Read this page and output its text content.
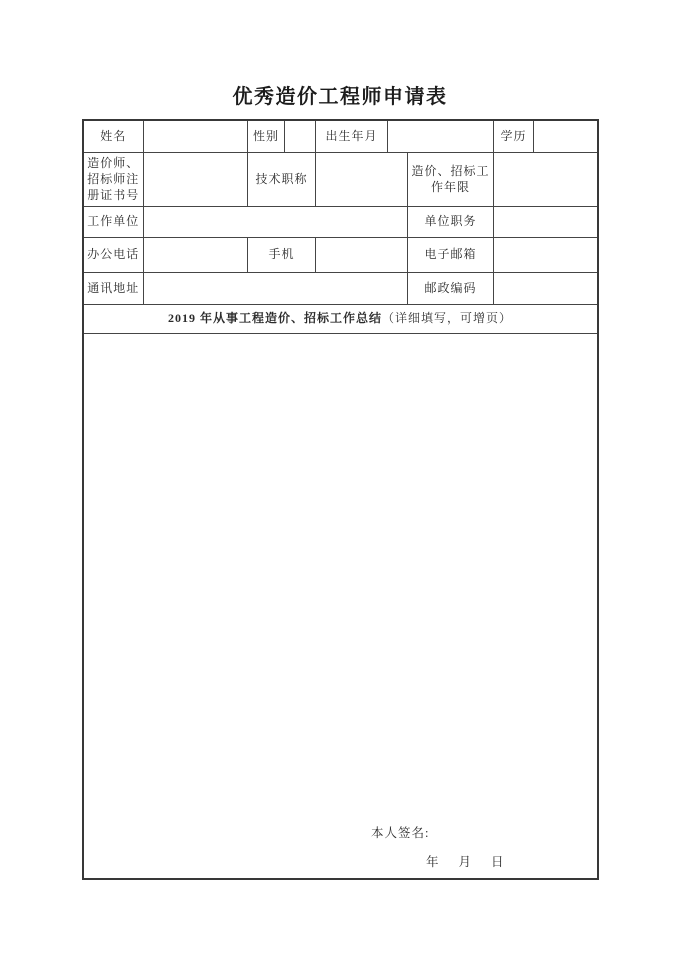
优秀造价工程师申请表
姓名		性别		出生年月			学历	
造价师、招标师注册证书号		技术职称				造价、招标工作年限		
工作单位						单位职务		
办公电话		手机				电子邮箱		
通讯地址						邮政编码		
2019 年从事工程造价、招标工作总结（详细填写，可增页）								

本人签名:
年 月 日								
